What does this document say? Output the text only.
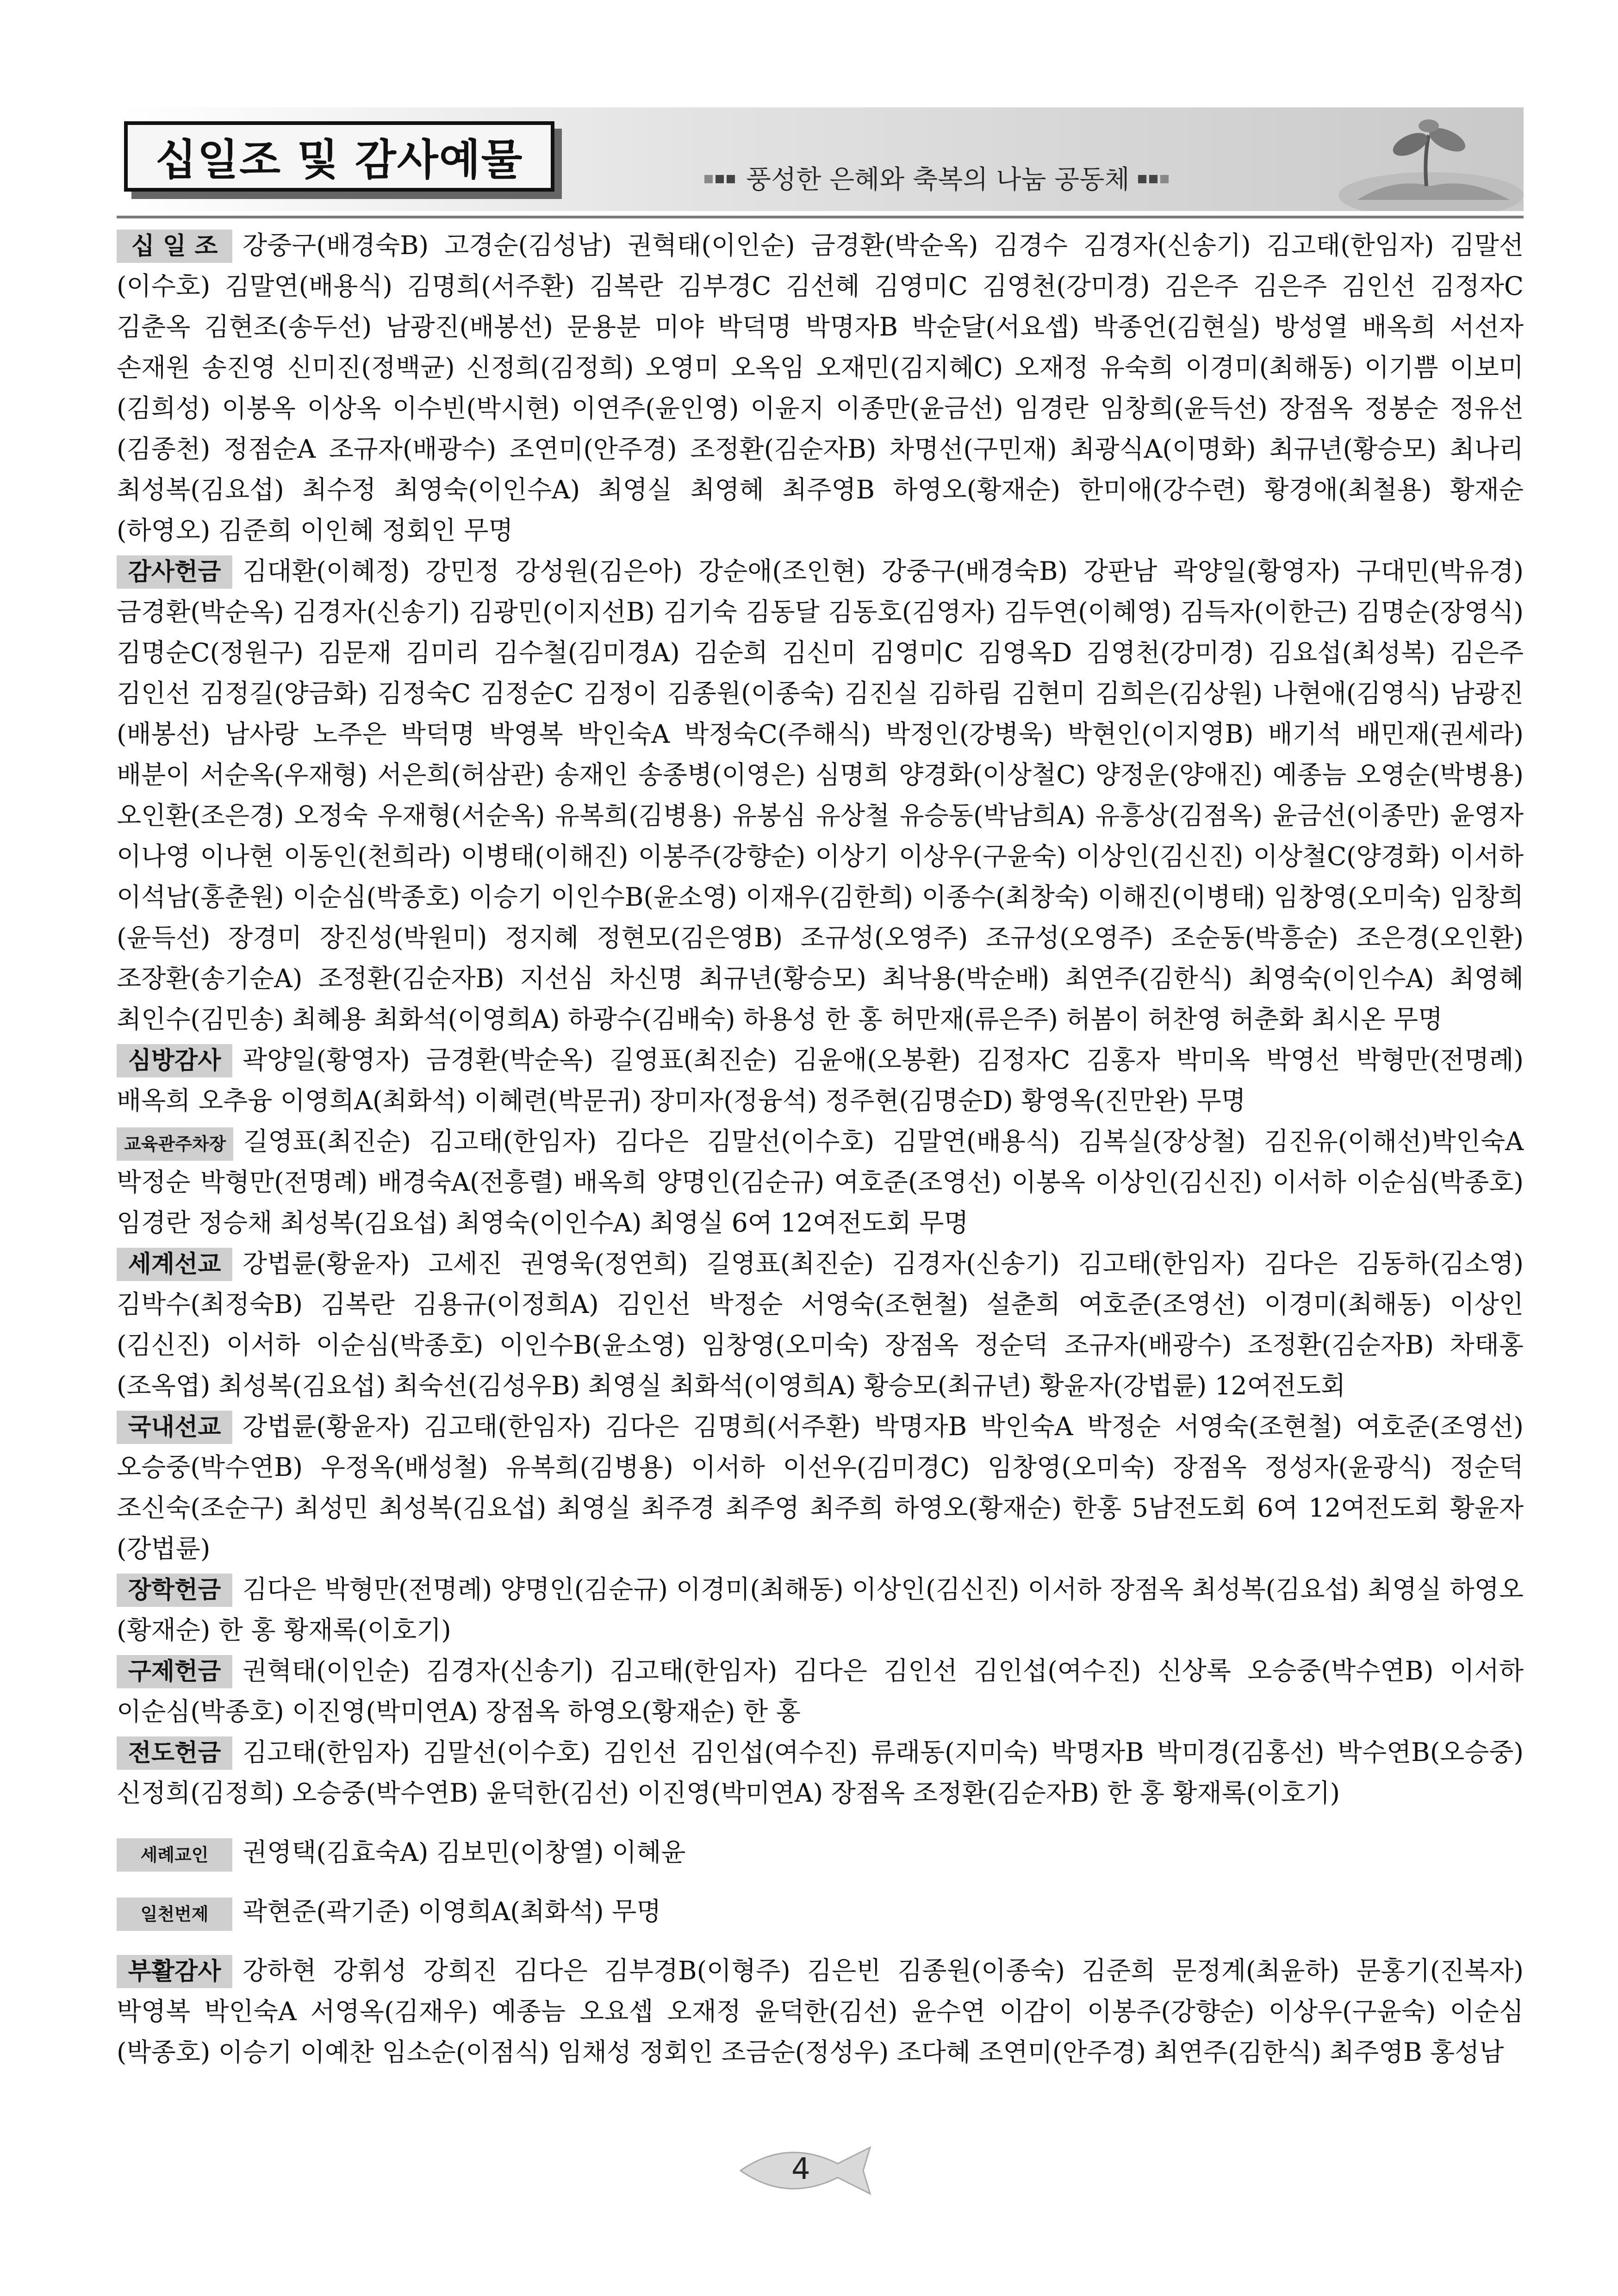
십일조 및 감사예물	풍성한 은혜와 축복의 나눔 공동체

십 일 조 강중구(배경숙B) 고경순(김성남) 권혁태(이인순) 금경환(박순옥) 김경수 김경자(신송기) 김고태(한임자) 김말선(이수호) 김말연(배용식) 김명희(서주환) 김복란 김부경C 김선혜 김영미C 김영천(강미경) 김은주 김은주 김인선 김정자C 김춘옥 김현조(송두선) 남광진(배봉선) 문용분 미야 박덕명 박명자B 박순달(서요셉) 박종언(김현실) 방성열 배옥희 서선자 손재원 송진영 신미진(정백균) 신정희(김정희) 오영미 오옥임 오재민(김지혜C) 오재정 유숙희 이경미(최해동) 이기쁨 이보미(김희성) 이봉옥 이상옥 이수빈(박시현) 이연주(윤인영) 이윤지 이종만(윤금선) 임경란 임창희(윤득선) 장점옥 정봉순 정유선(김종천) 정점순A 조규자(배광수) 조연미(안주경) 조정환(김순자B) 차명선(구민재) 최광식A(이명화) 최규년(황승모) 최나리 최성복(김요섭) 최수정 최영숙(이인수A) 최영실 최영혜 최주영B 하영오(황재순) 한미애(강수련) 황경애(최철용) 황재순(하영오) 김준희 이인혜 정회인 무명

감사헌금 김대환(이혜정) 강민정 강성원(김은아) 강순애(조인현) 강중구(배경숙B) 강판남 곽양일(황영자) 구대민(박유경) 금경환(박순옥) 김경자(신송기) 김광민(이지선B) 김기숙 김동달 김동호(김영자) 김두연(이혜영) 김득자(이한근) 김명순(장영식) 김명순C(정원구) 김문재 김미리 김수철(김미경A) 김순희 김신미 김영미C 김영옥D 김영천(강미경) 김요섭(최성복) 김은주 김인선 김정길(양금화) 김정숙C 김정순C 김정이 김종원(이종숙) 김진실 김하림 김현미 김희은(김상원) 나현애(김영식) 남광진(배봉선) 남사랑 노주은 박덕명 박영복 박인숙A 박정숙C(주해식) 박정인(강병욱) 박현인(이지영B) 배기석 배민재(권세라) 배분이 서순옥(우재형) 서은희(허삼관) 송재인 송종병(이영은) 심명희 양경화(이상철C) 양정운(양애진) 예종늠 오영순(박병용) 오인환(조은경) 오정숙 우재형(서순옥) 유복희(김병용) 유봉심 유상철 유승동(박남희A) 유흥상(김점옥) 윤금선(이종만) 윤영자 이나영 이나현 이동인(천희라) 이병태(이해진) 이봉주(강향순) 이상기 이상우(구윤숙) 이상인(김신진) 이상철C(양경화) 이서하 이석남(홍춘원) 이순심(박종호) 이승기 이인수B(윤소영) 이재우(김한희) 이종수(최창숙) 이해진(이병태) 임창영(오미숙) 임창희(윤득선) 장경미 장진성(박원미) 정지혜 정현모(김은영B) 조규성(오영주) 조규성(오영주) 조순동(박흥순) 조은경(오인환) 조장환(송기순A) 조정환(김순자B) 지선심 차신명 최규년(황승모) 최낙용(박순배) 최연주(김한식) 최영숙(이인수A) 최영혜 최인수(김민송) 최혜용 최화석(이영희A) 하광수(김배숙) 하용성 한 홍 허만재(류은주) 허봄이 허찬영 허춘화 최시온 무명

심방감사 곽양일(황영자) 금경환(박순옥) 길영표(최진순) 김윤애(오봉환) 김정자C 김홍자 박미옥 박영선 박형만(전명례) 배옥희 오추융 이영희A(최화석) 이혜련(박문귀) 장미자(정융석) 정주현(김명순D) 황영옥(진만완) 무명

교육관주차장 길영표(최진순) 김고태(한임자) 김다은 김말선(이수호) 김말연(배용식) 김복실(장상철) 김진유(이해선)박인숙A 박정순 박형만(전명례) 배경숙A(전흥렬) 배옥희 양명인(김순규) 여호준(조영선) 이봉옥 이상인(김신진) 이서하 이순심(박종호) 임경란 정승채 최성복(김요섭) 최영숙(이인수A) 최영실 6여 12여전도회 무명

세계선교 강법륜(황윤자) 고세진 권영욱(정연희) 길영표(최진순) 김경자(신송기) 김고태(한임자) 김다은 김동하(김소영) 김박수(최정숙B) 김복란 김용규(이정희A) 김인선 박정순 서영숙(조현철) 설춘희 여호준(조영선) 이경미(최해동) 이상인(김신진) 이서하 이순심(박종호) 이인수B(윤소영) 임창영(오미숙) 장점옥 정순덕 조규자(배광수) 조정환(김순자B) 차태홍(조옥엽) 최성복(김요섭) 최숙선(김성우B) 최영실 최화석(이영희A) 황승모(최규년) 황윤자(강법륜) 12여전도회

국내선교 강법륜(황윤자) 김고태(한임자) 김다은 김명희(서주환) 박명자B 박인숙A 박정순 서영숙(조현철) 여호준(조영선) 오승중(박수연B) 우정옥(배성철) 유복희(김병용) 이서하 이선우(김미경C) 임창영(오미숙) 장점옥 정성자(윤광식) 정순덕 조신숙(조순구) 최성민 최성복(김요섭) 최영실 최주경 최주영 최주희 하영오(황재순) 한홍 5남전도회 6여 12여전도회 황윤자(강법륜)

장학헌금 김다은 박형만(전명례) 양명인(김순규) 이경미(최해동) 이상인(김신진) 이서하 장점옥 최성복(김요섭) 최영실 하영오(황재순) 한 홍 황재록(이호기)

구제헌금 권혁태(이인순) 김경자(신송기) 김고태(한임자) 김다은 김인선 김인섭(여수진) 신상록 오승중(박수연B) 이서하 이순심(박종호) 이진영(박미연A) 장점옥 하영오(황재순) 한 홍

전도헌금 김고태(한임자) 김말선(이수호) 김인선 김인섭(여수진) 류래동(지미숙) 박명자B 박미경(김홍선) 박수연B(오승중) 신정희(김정희) 오승중(박수연B) 윤덕한(김선) 이진영(박미연A) 장점옥 조정환(김순자B) 한 홍 황재록(이호기)

세례교인 권영택(김효숙A) 김보민(이창열) 이혜윤

일천번제 곽현준(곽기준) 이영희A(최화석) 무명

부활감사 강하현 강휘성 강희진 김다은 김부경B(이형주) 김은빈 김종원(이종숙) 김준희 문정계(최윤하) 문홍기(진복자) 박영복 박인숙A 서영옥(김재우) 예종늠 오요셉 오재정 윤덕한(김선) 윤수연 이감이 이봉주(강향순) 이상우(구윤숙) 이순심(박종호) 이승기 이예찬 임소순(이점식) 임채성 정회인 조금순(정성우) 조다혜 조연미(안주경) 최연주(김한식) 최주영B 홍성남

4
